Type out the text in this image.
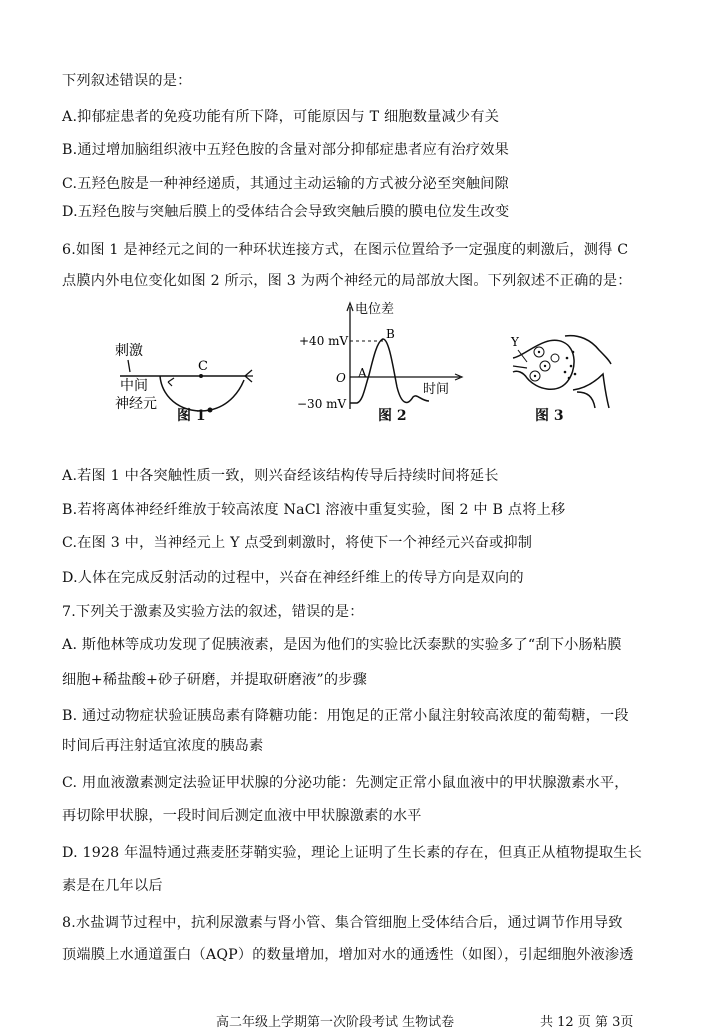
下列叙述错误的是：
A.抑郁症患者的免疫功能有所下降，可能原因与 T 细胞数量减少有关
B.通过增加脑组织液中五羟色胺的含量对部分抑郁症患者应有治疗效果
C.五羟色胺是一种神经递质，其通过主动运输的方式被分泌至突触间隙
D.五羟色胺与突触后膜上的受体结合会导致突触后膜的膜电位发生改变
6.如图 1 是神经元之间的一种环状连接方式，在图示位置给予一定强度的刺激后，测得 C
点膜内外电位变化如图 2 所示，图 3 为两个神经元的局部放大图。下列叙述不正确的是：
刺激
中间
神经元
C
图 1
电位差
+40 mV
−30 mV
O A
B
时间
图 2
Y
图 3
A.若图 1 中各突触性质一致，则兴奋经该结构传导后持续时间将延长
B.若将离体神经纤维放于较高浓度 NaCl 溶液中重复实验，图 2 中 B 点将上移
C.在图 3 中，当神经元上 Y 点受到刺激时，将使下一个神经元兴奋或抑制
D.人体在完成反射活动的过程中，兴奋在神经纤维上的传导方向是双向的
7.下列关于激素及实验方法的叙述，错误的是：
A. 斯他林等成功发现了促胰液素，是因为他们的实验比沃泰默的实验多了“刮下小肠粘膜
细胞+稀盐酸+砂子研磨，并提取研磨液”的步骤
B. 通过动物症状验证胰岛素有降糖功能：用饱足的正常小鼠注射较高浓度的葡萄糖，一段
时间后再注射适宜浓度的胰岛素
C. 用血液激素测定法验证甲状腺的分泌功能：先测定正常小鼠血液中的甲状腺激素水平，
再切除甲状腺，一段时间后测定血液中甲状腺激素的水平
D. 1928 年温特通过燕麦胚芽鞘实验，理论上证明了生长素的存在，但真正从植物提取生长
素是在几年以后
8.水盐调节过程中，抗利尿激素与肾小管、集合管细胞上受体结合后，通过调节作用导致
顶端膜上水通道蛋白（AQP）的数量增加，增加对水的通透性（如图），引起细胞外液渗透
高二年级上学期第一次阶段考试 生物试卷	共 12 页 第 3页
